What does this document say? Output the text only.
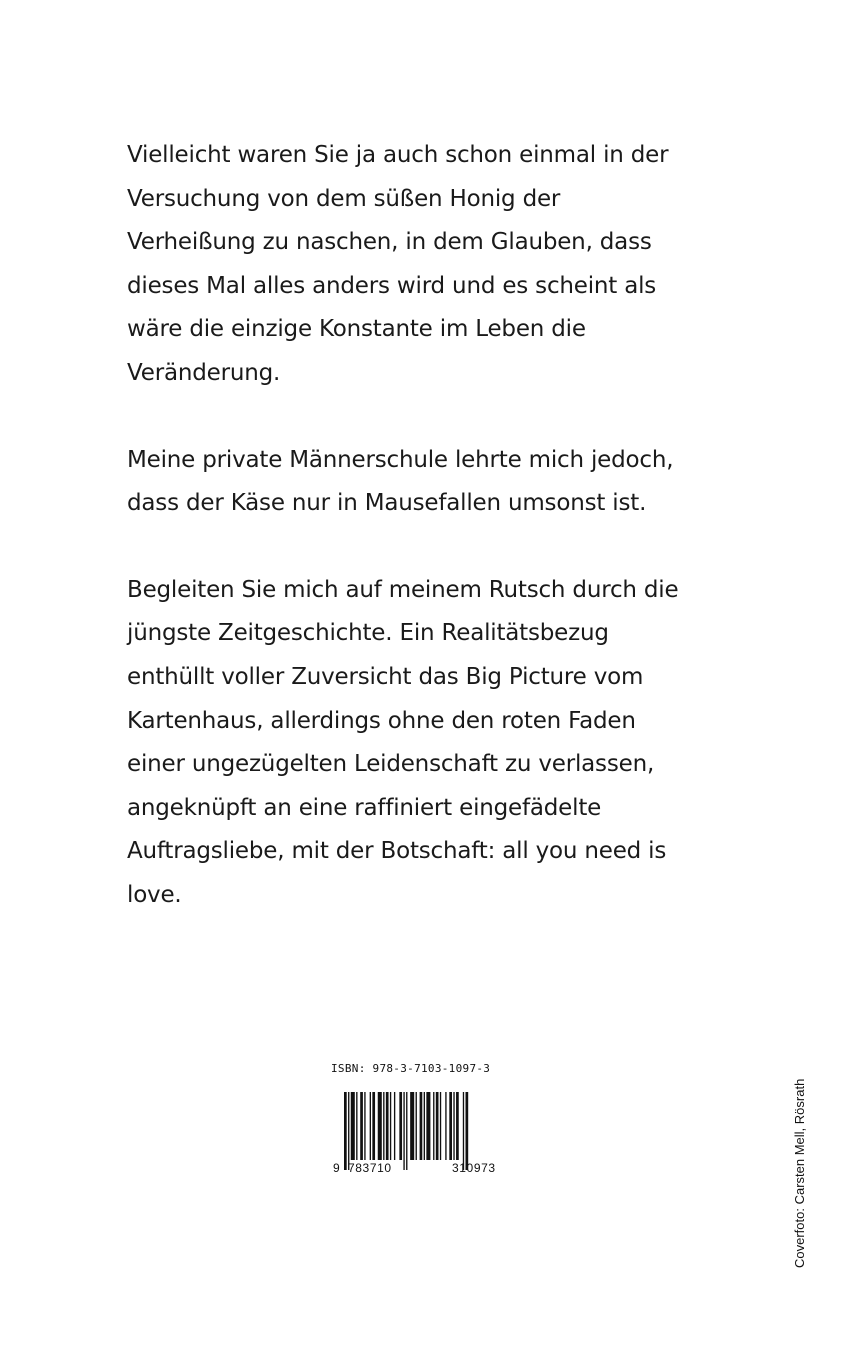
Vielleicht waren Sie ja auch schon einmal in der
Versuchung von dem süßen Honig der
Verheißung zu naschen, in dem Glauben, dass
dieses Mal alles anders wird und es scheint als
wäre die einzige Konstante im Leben die
Veränderung.

Meine private Männerschule lehrte mich jedoch,
dass der Käse nur in Mausefallen umsonst ist.

Begleiten Sie mich auf meinem Rutsch durch die
jüngste Zeitgeschichte. Ein Realitätsbezug
enthüllt voller Zuversicht das Big Picture vom
Kartenhaus, allerdings ohne den roten Faden
einer ungezügelten Leidenschaft zu verlassen,
angeknüpft an eine raffiniert eingefädelte
Auftragsliebe, mit der Botschaft: all you need is
love.

ISBN: 978-3-7103-1097-3
9 783710	310973	Coverfoto: Carsten Mell, Rösrath
